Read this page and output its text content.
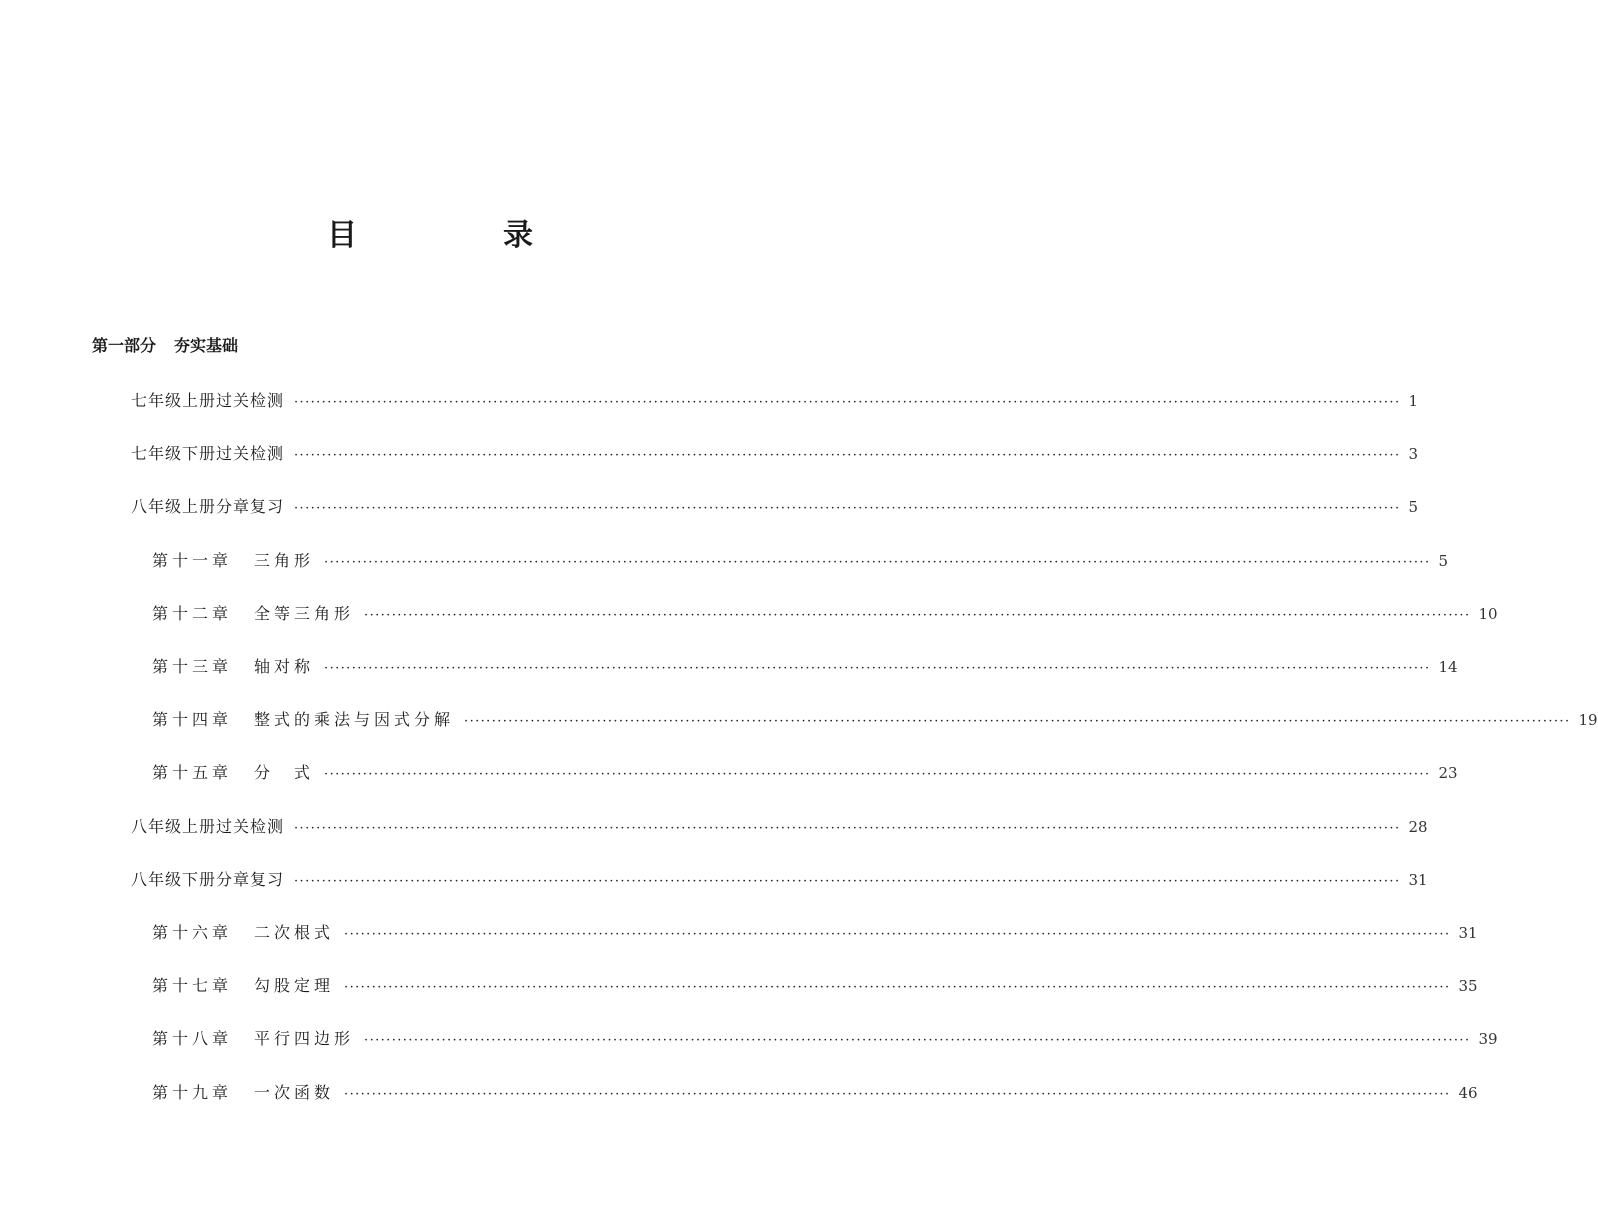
目　录
第一部分 夯实基础
七年级上册过关检测 ········································································································································································································ 1
七年级下册过关检测 ········································································································································································································ 3
八年级上册分章复习 ········································································································································································································ 5
第十一章 三角形 ········································································································································································································ 5
第十二章 全等三角形 ········································································································································································································ 10
第十三章 轴对称 ········································································································································································································ 14
第十四章 整式的乘法与因式分解 ········································································································································································································ 19
第十五章 分　式 ········································································································································································································ 23
八年级上册过关检测 ········································································································································································································ 28
八年级下册分章复习 ········································································································································································································ 31
第十六章 二次根式 ········································································································································································································ 31
第十七章 勾股定理 ········································································································································································································ 35
第十八章 平行四边形 ········································································································································································································ 39
第十九章 一次函数 ········································································································································································································ 46
